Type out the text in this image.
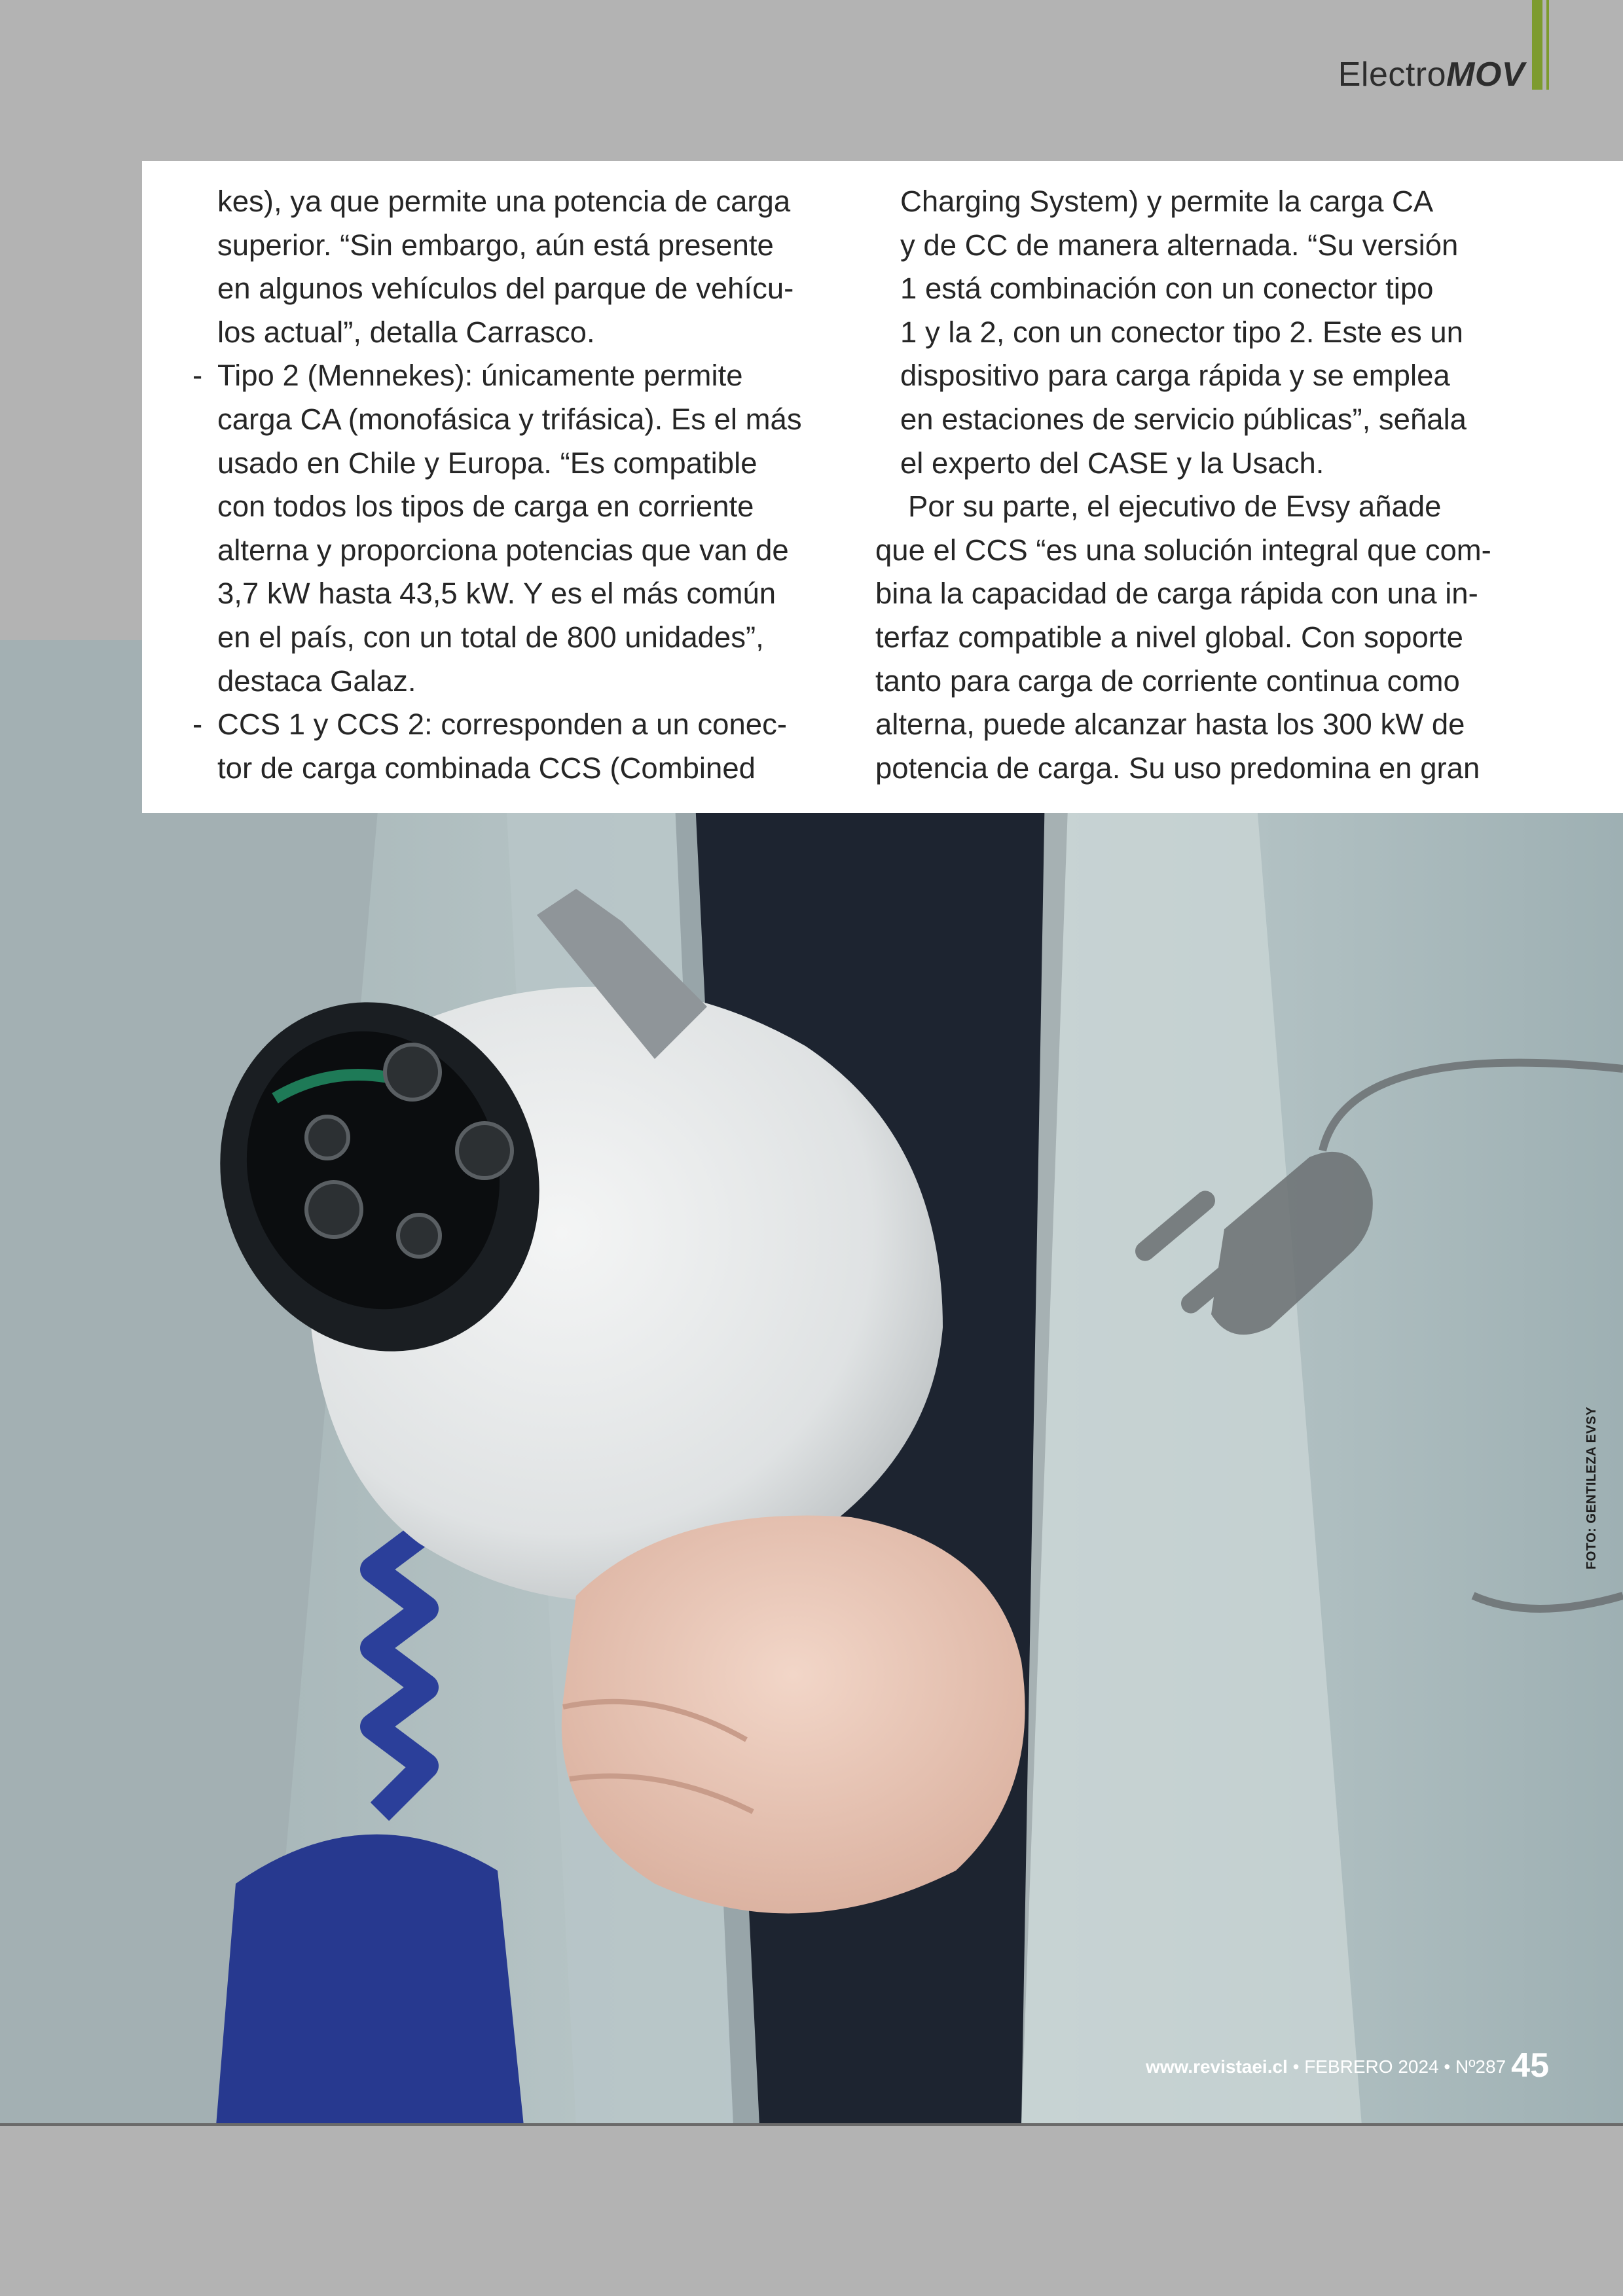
ElectroMOV
FOTO: GENTILEZA EVSY
kes), ya que permite una potencia de carga
superior. “Sin embargo, aún está presente
en algunos vehículos del parque de vehícu-
los actual”, detalla Carrasco.
- Tipo 2 (Mennekes): únicamente permite
carga CA (monofásica y trifásica). Es el más
usado en Chile y Europa. “Es compatible
con todos los tipos de carga en corriente
alterna y proporciona potencias que van de
3,7 kW hasta 43,5 kW. Y es el más común
en el país, con un total de 800 unidades”,
destaca Galaz.
- CCS 1 y CCS 2: corresponden a un conec-
tor de carga combinada CCS (Combined
Charging System) y permite la carga CA
y de CC de manera alternada. “Su versión
1 está combinación con un conector tipo
1 y la 2, con un conector tipo 2. Este es un
dispositivo para carga rápida y se emplea
en estaciones de servicio públicas”, señala
el experto del CASE y la Usach.
Por su parte, el ejecutivo de Evsy añade
que el CCS “es una solución integral que com-
bina la capacidad de carga rápida con una in-
terfaz compatible a nivel global. Con soporte
tanto para carga de corriente continua como
alterna, puede alcanzar hasta los 300 kW de
potencia de carga. Su uso predomina en gran
www.revistaei.cl • FEBRERO 2024 • Nº287 45
